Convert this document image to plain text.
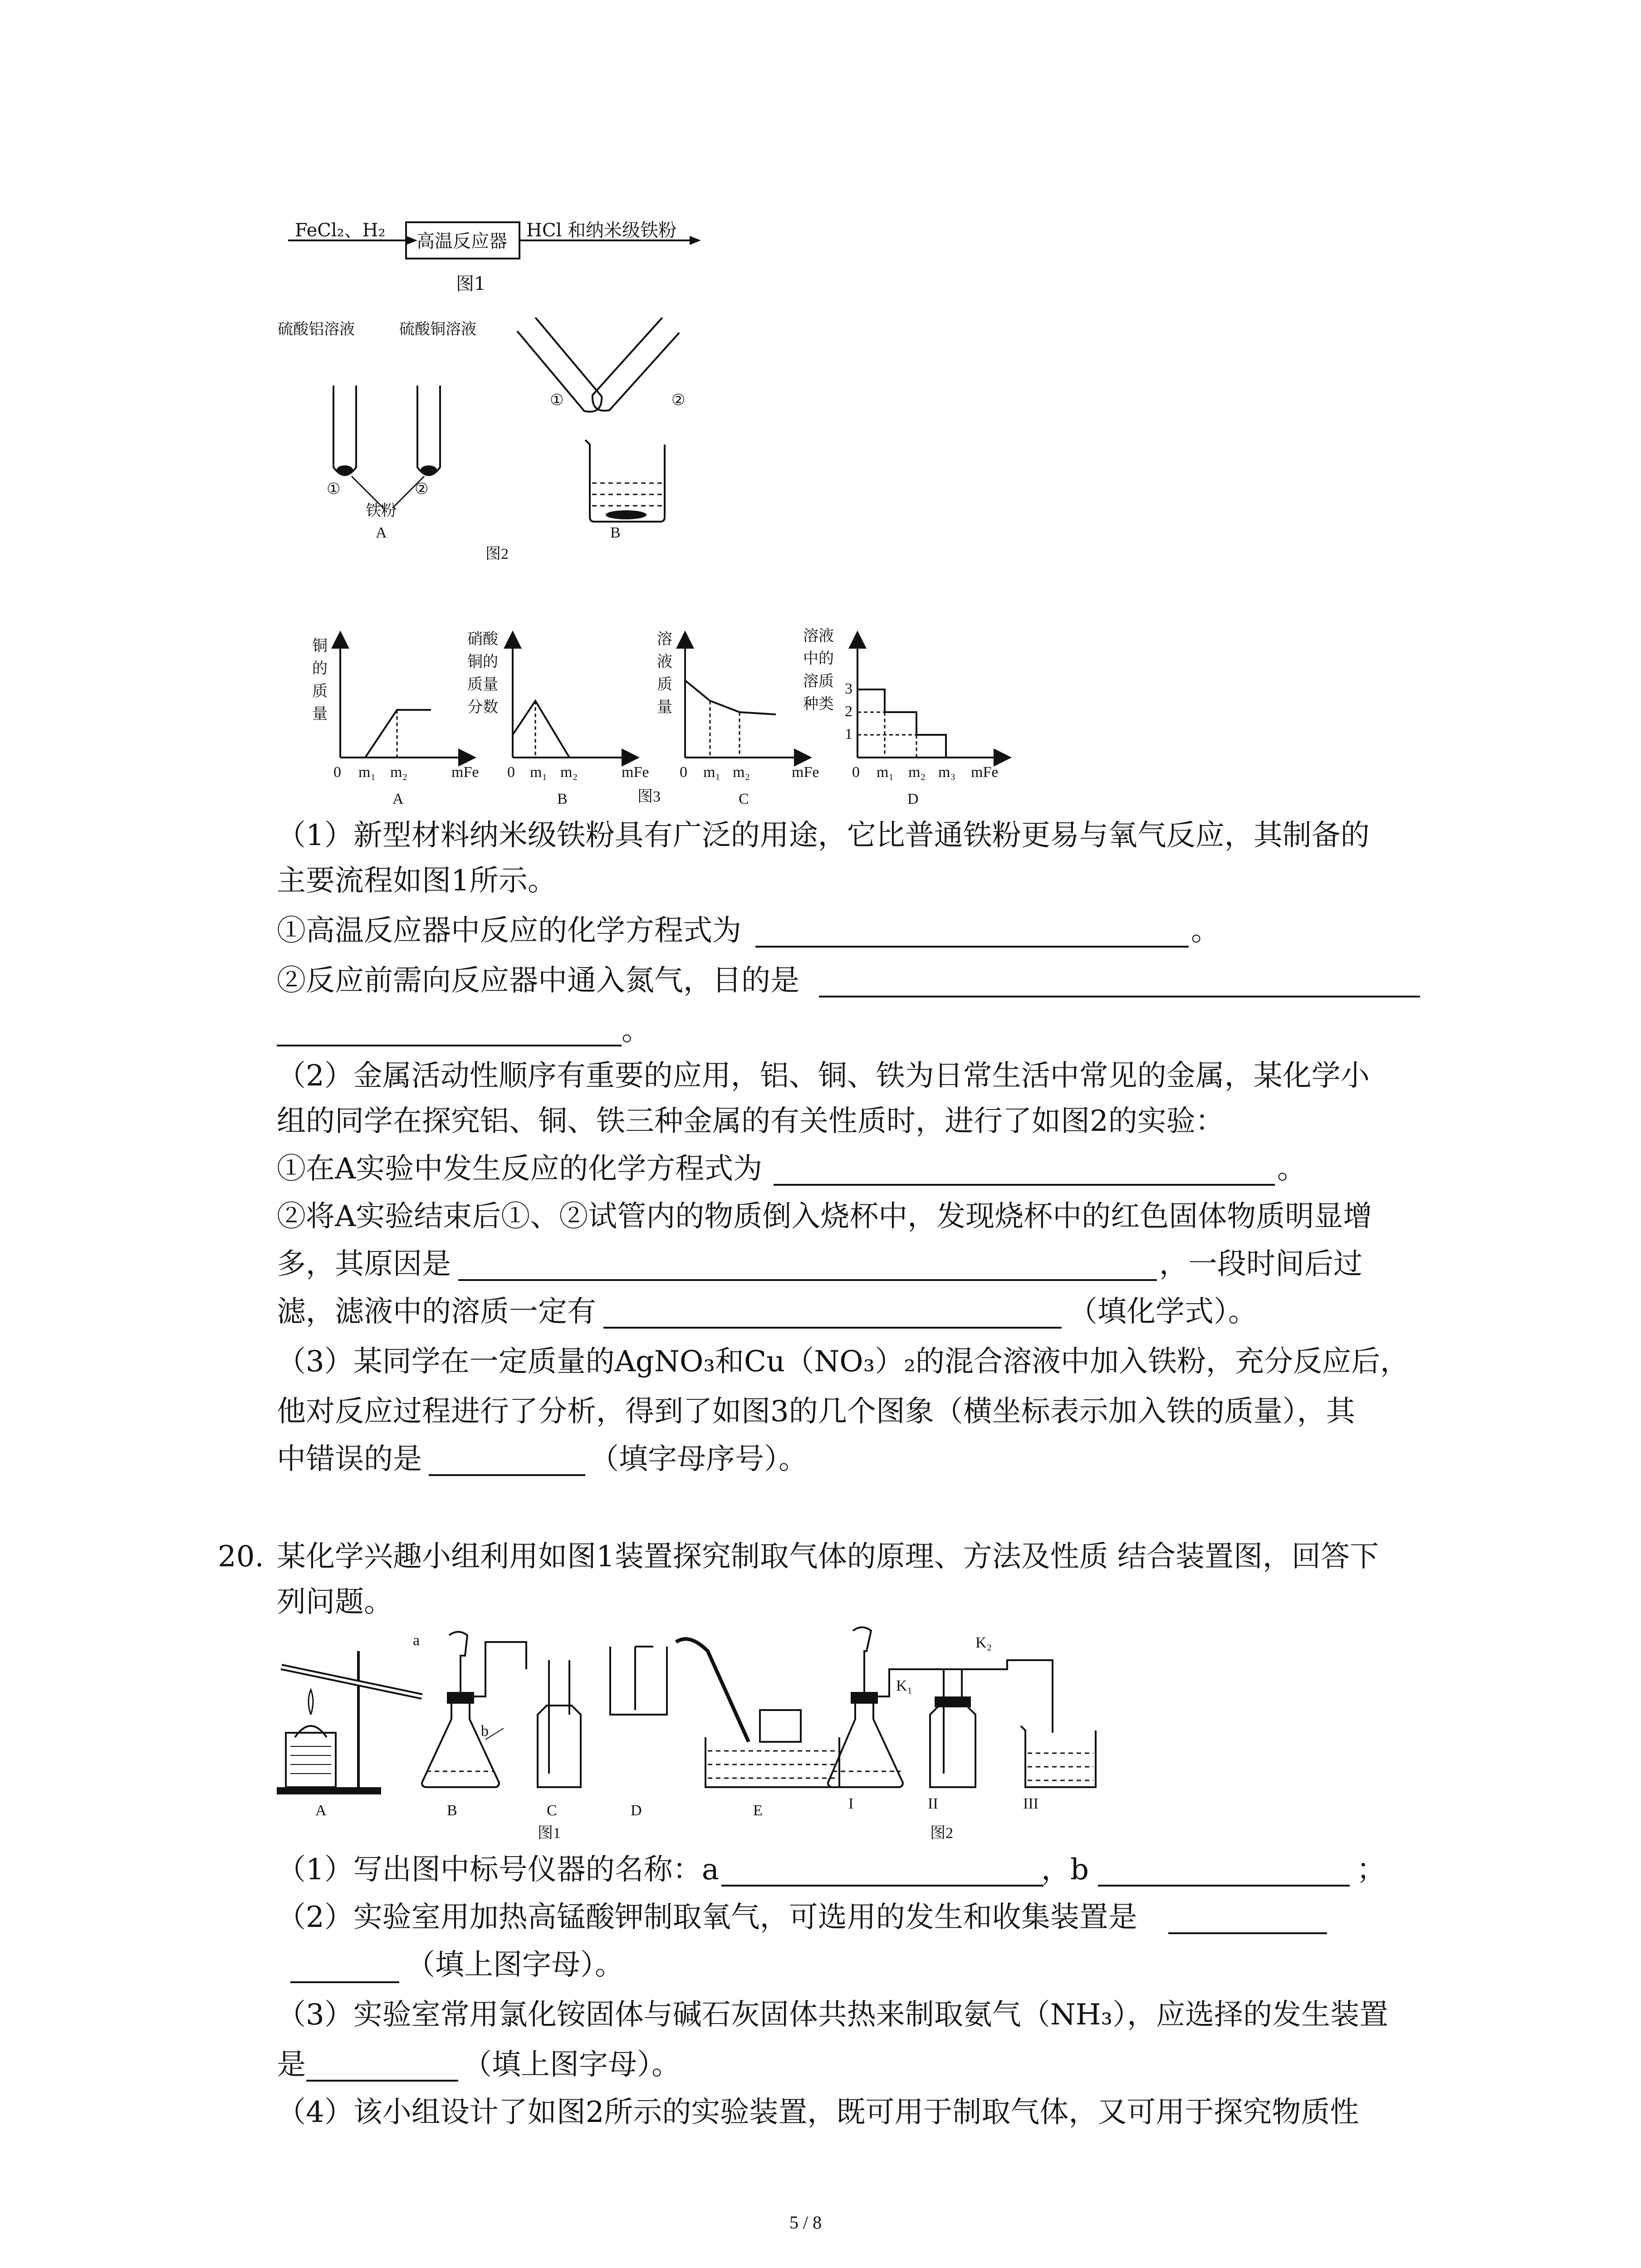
FeCl₂、H₂
高温反应器
HCl 和纳米级铁粉
图1
硫酸铝溶液	硫酸铜溶液
①	②
铁粉
A	B
①	②
图2
铜
的
质
量
0 m₁ m₂	mFe
A
硝酸
铜的
质量
分数
0 m₁ m₂	mFe
B	图3
溶
液
质
量
0 m₁ m₂	mFe
C
溶液
中的
溶质
种类
3
2
1
0 m₁ m₂ m₃ mFe
D
（1）新型材料纳米级铁粉具有广泛的用途，它比普通铁粉更易与氧气反应，其制备的
主要流程如图1所示。
①高温反应器中反应的化学方程式为	。
②反应前需向反应器中通入氮气，目的是
。
（2）金属活动性顺序有重要的应用，铝、铜、铁为日常生活中常见的金属，某化学小
组的同学在探究铝、铜、铁三种金属的有关性质时，进行了如图2的实验：
①在A实验中发生反应的化学方程式为	。
②将A实验结束后①、②试管内的物质倒入烧杯中，发现烧杯中的红色固体物质明显增
多，其原因是	，一段时间后过
滤，滤液中的溶质一定有	（填化学式）。
（3）某同学在一定质量的AgNO₃和Cu（NO₃）₂的混合溶液中加入铁粉，充分反应后，
他对反应过程进行了分析，得到了如图3的几个图象（横坐标表示加入铁的质量），其
中错误的是	（填字母序号）。
20. 某化学兴趣小组利用如图1装置探究制取气体的原理、方法及性质 结合装置图，回答下
列问题。
A	B	C	D	E	I	II	III
a
b
K₁
K₂
图1	图2
（1）写出图中标号仪器的名称：a	，b	；
（2）实验室用加热高锰酸钾制取氧气，可选用的发生和收集装置是
（填上图字母）。
（3）实验室常用氯化铵固体与碱石灰固体共热来制取氨气（NH₃），应选择的发生装置
是	（填上图字母）。
（4）该小组设计了如图2所示的实验装置，既可用于制取气体，又可用于探究物质性
5 / 8
